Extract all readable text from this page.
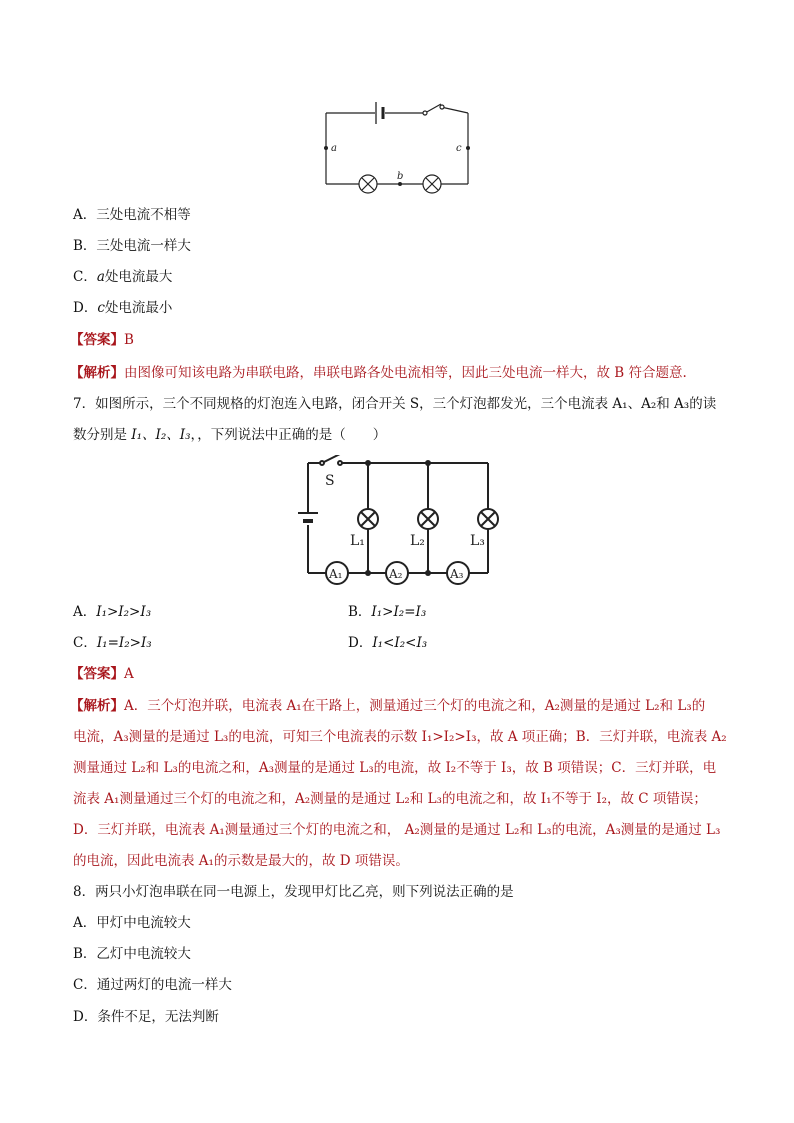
a
b
c
A．三处电流不相等
B．三处电流一样大
C．a处电流最大
D．c处电流最小
【答案】B
【解析】由图像可知该电路为串联电路，串联电路各处电流相等，因此三处电流一样大，故 B 符合题意.
7．如图所示，三个不同规格的灯泡连入电路，闭合开关 S，三个灯泡都发光，三个电流表 A₁、A₂和 A₃的读
数分别是 I₁、I₂、I₃，，下列说法中正确的是（　　）
S
L₁	L₂	L₃
A₁	A₂	A₃
A．I₁>I₂>I₃	B．I₁>I₂=I₃
C．I₁=I₂>I₃	D．I₁<I₂<I₃
【答案】A
【解析】A．三个灯泡并联，电流表 A₁在干路上，测量通过三个灯的电流之和，A₂测量的是通过 L₂和 L₃的
电流，A₃测量的是通过 L₃的电流，可知三个电流表的示数 I₁>I₂>I₃，故 A 项正确；B．三灯并联，电流表 A₂
测量通过 L₂和 L₃的电流之和，A₃测量的是通过 L₃的电流，故 I₂不等于 I₃，故 B 项错误；C．三灯并联，电
流表 A₁测量通过三个灯的电流之和，A₂测量的是通过 L₂和 L₃的电流之和，故 I₁不等于 I₂，故 C 项错误；
D．三灯并联，电流表 A₁测量通过三个灯的电流之和， A₂测量的是通过 L₂和 L₃的电流，A₃测量的是通过 L₃
的电流，因此电流表 A₁的示数是最大的，故 D 项错误。
8．两只小灯泡串联在同一电源上，发现甲灯比乙亮，则下列说法正确的是
A．甲灯中电流较大
B．乙灯中电流较大
C．通过两灯的电流一样大
D．条件不足，无法判断
